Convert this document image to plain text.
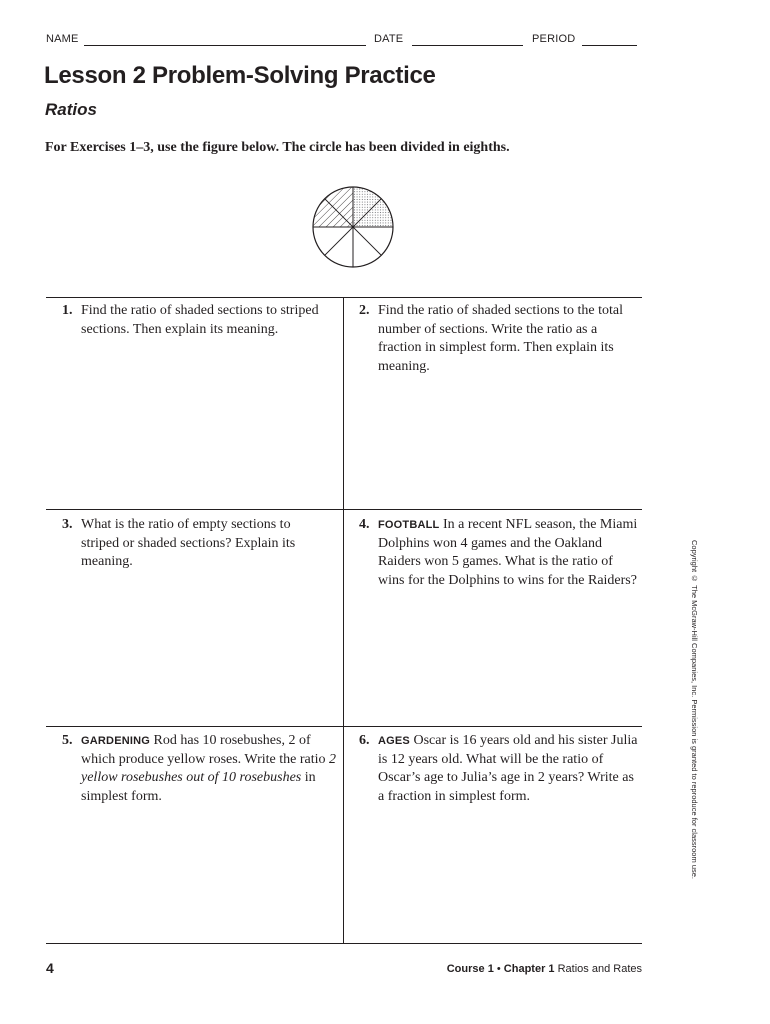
NAME	DATE	PERIOD
Lesson 2 Problem-Solving Practice
Ratios
For Exercises 1–3, use the figure below. The circle has been divided in eighths.
1. Find the ratio of shaded sections to striped sections. Then explain its meaning.
2. Find the ratio of shaded sections to the total number of sections. Write the ratio as a fraction in simplest form. Then explain its meaning.
3. What is the ratio of empty sections to striped or shaded sections? Explain its meaning.
4. FOOTBALL In a recent NFL season, the Miami Dolphins won 4 games and the Oakland Raiders won 5 games. What is the ratio of wins for the Dolphins to wins for the Raiders?
5. GARDENING Rod has 10 rosebushes, 2 of which produce yellow roses. Write the ratio 2 yellow rosebushes out of 10 rosebushes in simplest form.
6. AGES Oscar is 16 years old and his sister Julia is 12 years old. What will be the ratio of Oscar’s age to Julia’s age in 2 years? Write as a fraction in simplest form.	Copyright © The McGraw-Hill Companies, Inc. Permission is granted to reproduce for classroom use.
4	Course 1 • Chapter 1 Ratios and Rates
